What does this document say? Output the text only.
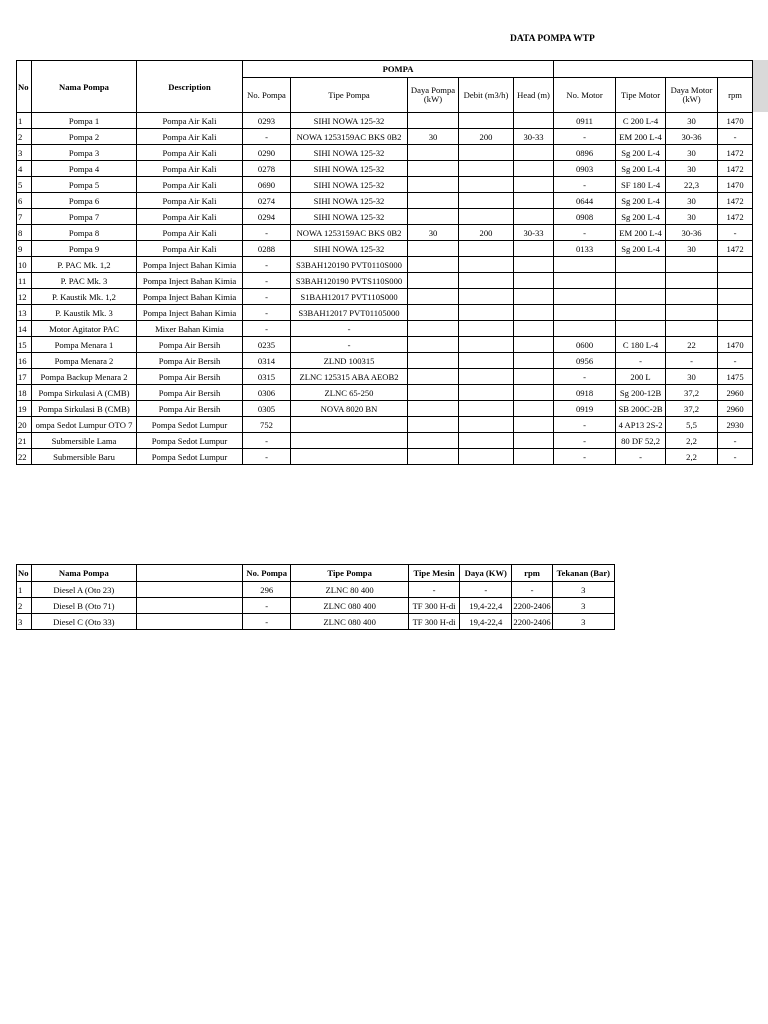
DATA POMPA WTP
No	Nama Pompa	Description	POMPA								
			No. Pompa	Tipe Pompa	Daya Pompa (kW)	Debit (m3/h)	Head (m)	No. Motor	Tipe Motor	Daya Motor (kW)	rpm
1	Pompa 1	Pompa Air Kali	0293	SIHI NOWA 125-32				0911	C 200 L-4	30	1470
2	Pompa 2	Pompa Air Kali	-	NOWA 1253159AC BKS 0B2	30	200	30-33	-	EM 200 L-4	30-36	-
3	Pompa 3	Pompa Air Kali	0290	SIHI NOWA 125-32				0896	Sg 200 L-4	30	1472
4	Pompa 4	Pompa Air Kali	0278	SIHI NOWA 125-32				0903	Sg 200 L-4	30	1472
5	Pompa 5	Pompa Air Kali	0690	SIHI NOWA 125-32				-	SF 180 L-4	22,3	1470
6	Pompa 6	Pompa Air Kali	0274	SIHI NOWA 125-32				0644	Sg 200 L-4	30	1472
7	Pompa 7	Pompa Air Kali	0294	SIHI NOWA 125-32				0908	Sg 200 L-4	30	1472
8	Pompa 8	Pompa Air Kali	-	NOWA 1253159AC BKS 0B2	30	200	30-33	-	EM 200 L-4	30-36	-
9	Pompa 9	Pompa Air Kali	0288	SIHI NOWA 125-32				0133	Sg 200 L-4	30	1472
10	P. PAC Mk. 1,2	Pompa Inject Bahan Kimia	-	S3BAH120190 PVT0110S000							
11	P. PAC Mk. 3	Pompa Inject Bahan Kimia	-	S3BAH120190 PVTS110S000							
12	P. Kaustik Mk. 1,2	Pompa Inject Bahan Kimia	-	S1BAH12017 PVT110S000							
13	P. Kaustik Mk. 3	Pompa Inject Bahan Kimia	-	S3BAH12017 PVT01105000							
14	Motor Agitator PAC	Mixer Bahan Kimia	-	-							
15	Pompa Menara 1	Pompa Air Bersih	0235	-				0600	C 180 L-4	22	1470
16	Pompa Menara 2	Pompa Air Bersih	0314	ZLND 100315				0956	-	-	-
17	Pompa Backup Menara 2	Pompa Air Bersih	0315	ZLNC 125315 ABA AEOB2				-	200 L	30	1475
18	Pompa Sirkulasi A (CMB)	Pompa Air Bersih	0306	ZLNC 65-250				0918	Sg 200-12B	37,2	2960
19	Pompa Sirkulasi B (CMB)	Pompa Air Bersih	0305	NOVA 8020 BN				0919	SB 200C-2B	37,2	2960
20	ompa Sedot Lumpur OTO 7	Pompa Sedot Lumpur	752					-	4 AP13 2S-2	5,5	2930
21	Submersible Lama	Pompa Sedot Lumpur	-					-	80 DF 52,2	2,2	-
22	Submersible Baru	Pompa Sedot Lumpur	-					-	-	2,2	-
No	Nama Pompa		No. Pompa	Tipe Pompa	Tipe Mesin	Daya (KW)	rpm	Tekanan (Bar)
1	Diesel A (Oto 23)		296	ZLNC 80 400	-	-	-	3
2	Diesel B (Oto 71)		-	ZLNC 080 400	TF 300 H-di	19,4-22,4	2200-2406	3
3	Diesel C (Oto 33)		-	ZLNC 080 400	TF 300 H-di	19,4-22,4	2200-2406	3
